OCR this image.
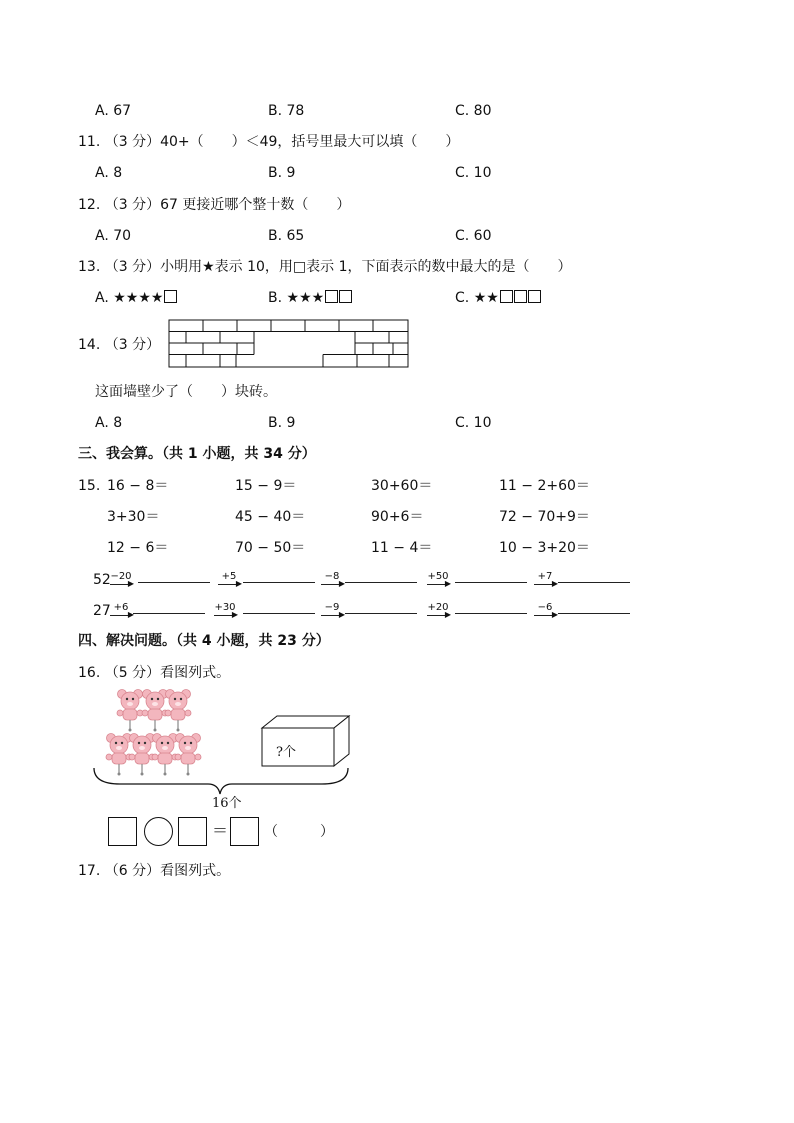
A. 67	B. 78	C. 80
11. （3 分）40+（　　）＜49，括号里最大可以填（　　）
A. 8	B. 9	C. 10
12. （3 分）67 更接近哪个整十数（　　）
A. 70	B. 65	C. 60
13. （3 分）小明用★表示 10，用□表示 1，下面表示的数中最大的是（　　）
A. ★★★★	B. ★★★	C. ★★
14. （3 分）
这面墙壁少了（　　）块砖。
A. 8	B. 9	C. 10
三、我会算。（共 1 小题，共 34 分）
15. 16 − 8＝	15 − 9＝	30+60＝	11 − 2+60＝
3+30＝	45 − 40＝	90+6＝	72 − 70+9＝
12 − 6＝	70 − 50＝	11 − 4＝	10 − 3+20＝
52 −20
▶
+5
▶
−8
▶
+50
▶
+7
▶
27 +6
▶
+30
▶
−9
▶
+20
▶
−6
▶
四、解决问题。（共 4 小题，共 23 分）
16. （5 分）看图列式。
?个
16个
＝	（　　　）
17. （6 分）看图列式。
